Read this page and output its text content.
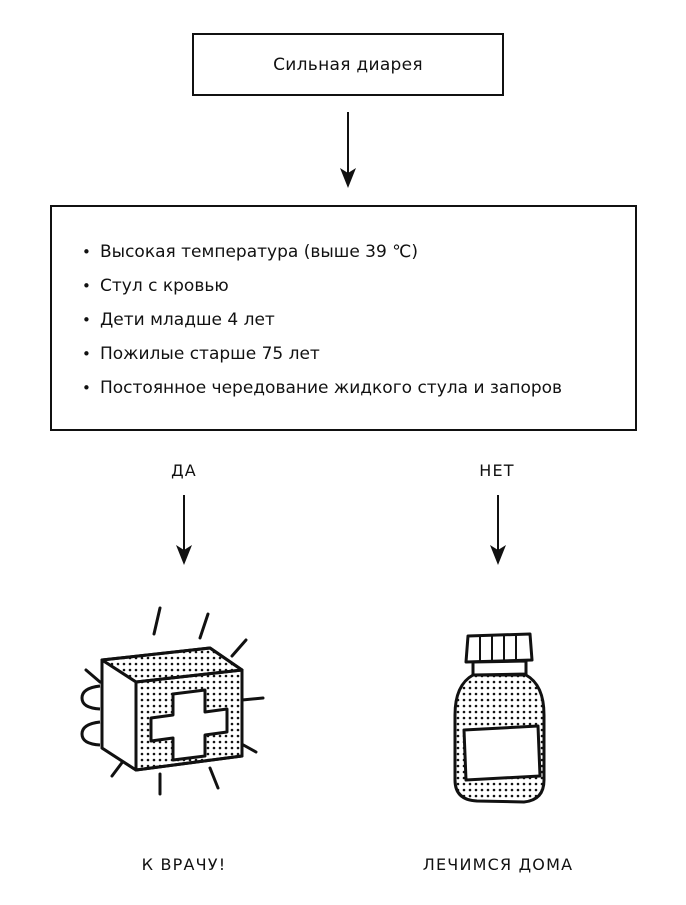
Сильная диарея
• Высокая температура (выше 39 ℃)
• Стул с кровью
• Дети младше 4 лет
• Пожилые старше 75 лет
• Постоянное чередование жидкого стула и запоров
ДА	НЕТ
К ВРАЧУ!	ЛЕЧИМСЯ ДОМА
